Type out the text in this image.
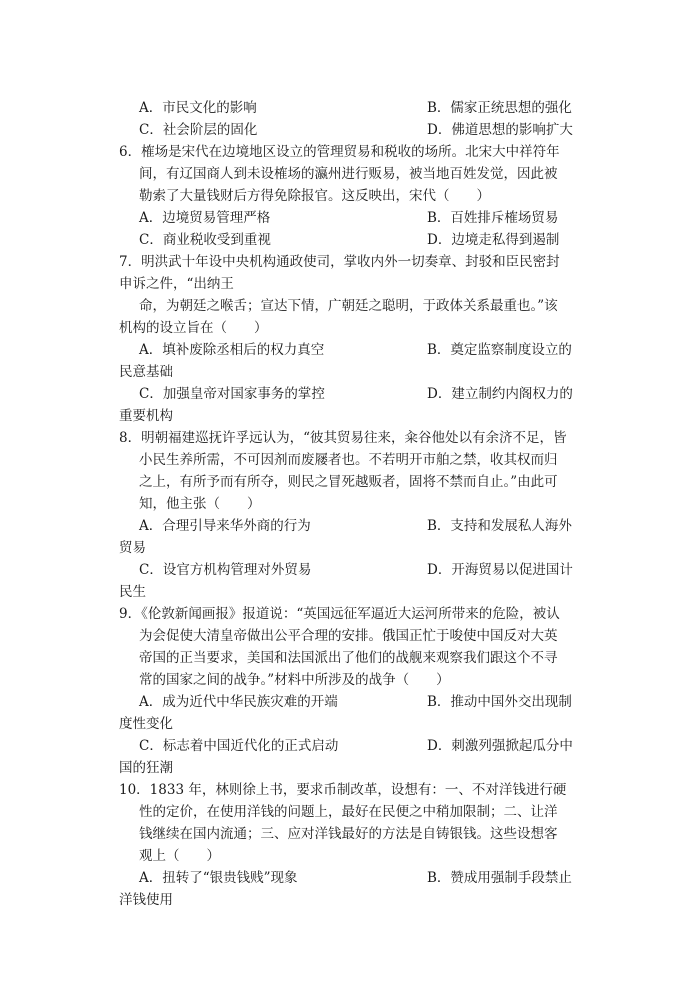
A．市民文化的影响	B．儒家正统思想的强化
C．社会阶层的固化	D．佛道思想的影响扩大
6．榷场是宋代在边境地区设立的管理贸易和税收的场所。北宋大中祥符年
间，有辽国商人到未设榷场的瀛州进行贩易，被当地百姓发觉，因此被
勒索了大量钱财后方得免除报官。这反映出，宋代（　　）
A．边境贸易管理严格	B．百姓排斥榷场贸易
C．商业税收受到重视	D．边境走私得到遏制
7．明洪武十年设中央机构通政使司，掌收内外一切奏章、封驳和臣民密封
申诉之件，“出纳王
命，为朝廷之喉舌；宣达下情，广朝廷之聪明，于政体关系最重也。”该
机构的设立旨在（　　）
A．填补废除丞相后的权力真空	B．奠定监察制度设立的
民意基础
C．加强皇帝对国家事务的掌控	D．建立制约内阁权力的
重要机构
8．明朝福建巡抚许孚远认为，“彼其贸易往来，籴谷他处以有余济不足，皆
小民生养所需，不可因剂而废屦者也。不若明开市舶之禁，收其权而归
之上，有所予而有所夺，则民之冒死越贩者，固将不禁而自止。”由此可
知，他主张（　　）
A．合理引导来华外商的行为	B．支持和发展私人海外
贸易
C．设官方机构管理对外贸易	D．开海贸易以促进国计
民生
9．《伦敦新闻画报》报道说：“英国远征军逼近大运河所带来的危险，被认
为会促使大清皇帝做出公平合理的安排。俄国正忙于唆使中国反对大英
帝国的正当要求，美国和法国派出了他们的战舰来观察我们跟这个不寻
常的国家之间的战争。”材料中所涉及的战争（　　）
A．成为近代中华民族灾难的开端	B．推动中国外交出现制
度性变化
C．标志着中国近代化的正式启动	D．刺激列强掀起瓜分中
国的狂潮
10．1833 年，林则徐上书，要求币制改革，设想有：一、不对洋钱进行硬
性的定价，在使用洋钱的问题上，最好在民便之中稍加限制；二、让洋
钱继续在国内流通；三、应对洋钱最好的方法是自铸银钱。这些设想客
观上（　　）
A．扭转了“银贵钱贱”现象	B．赞成用强制手段禁止
洋钱使用
